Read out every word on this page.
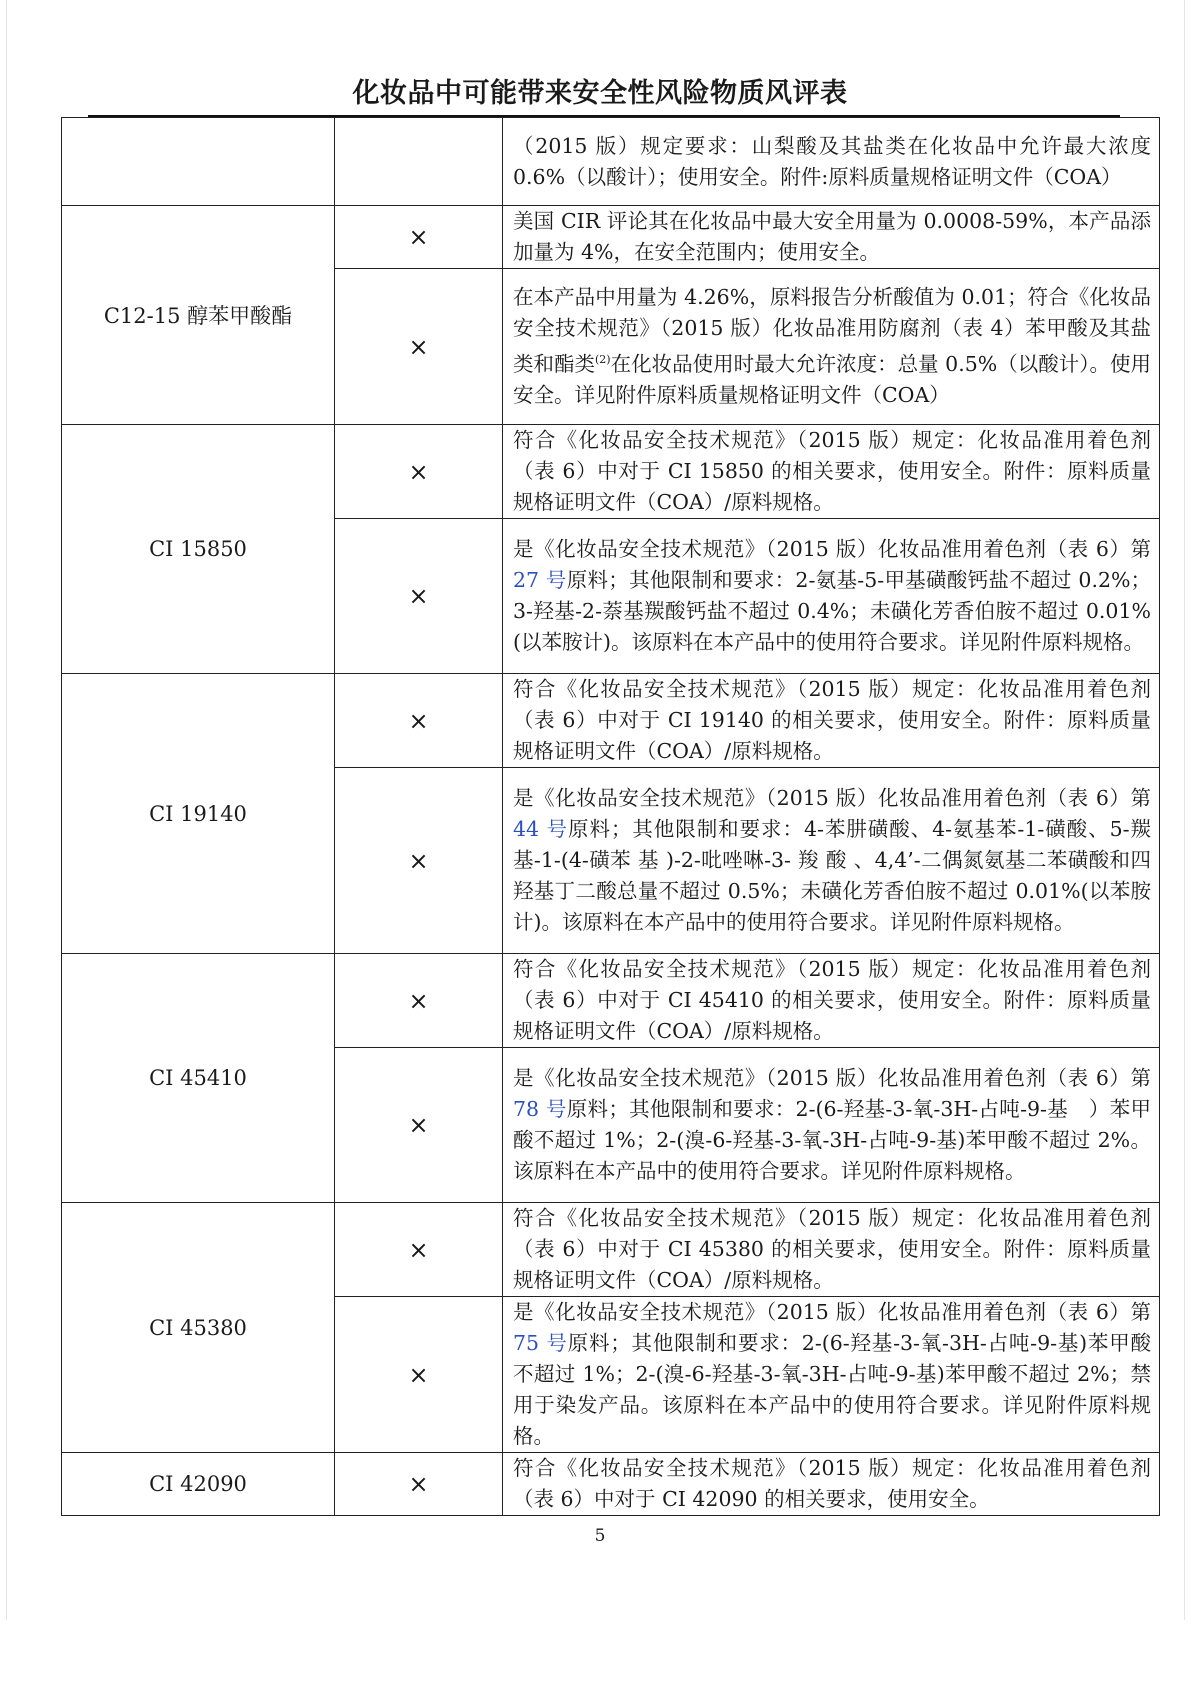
化妆品中可能带来安全性风险物质风评表
		（2015 版）规定要求：山梨酸及其盐类在化妆品中允许最大浓度 0.6%（以酸计）；使用安全。附件:原料质量规格证明文件（COA）
C12-15 醇苯甲酸酯	×	美国 CIR 评论其在化妆品中最大安全用量为 0.0008-59%，本产品添加量为 4%，在安全范围内；使用安全。
	×	在本产品中用量为 4.26%，原料报告分析酸值为 0.01；符合《化妆品安全技术规范》（2015 版）化妆品准用防腐剂（表 4）苯甲酸及其盐类和酯类$^{(2)}$在化妆品使用时最大允许浓度：总量 0.5%（以酸计）。使用安全。详见附件原料质量规格证明文件（COA）
CI 15850	×	符合《化妆品安全技术规范》（2015 版）规定：化妆品准用着色剂（表 6）中对于 CI 15850 的相关要求，使用安全。附件：原料质量规格证明文件（COA）/原料规格。
	×	是《化妆品安全技术规范》（2015 版）化妆品准用着色剂（表 6）第 27 号原料；其他限制和要求：2-氨基-5-甲基磺酸钙盐不超过 0.2%；3-羟基-2-萘基羰酸钙盐不超过 0.4%；未磺化芳香伯胺不超过 0.01%(以苯胺计)。该原料在本产品中的使用符合要求。详见附件原料规格。
CI 19140	×	符合《化妆品安全技术规范》（2015 版）规定：化妆品准用着色剂（表 6）中对于 CI 19140 的相关要求，使用安全。附件：原料质量规格证明文件（COA）/原料规格。
	×	是《化妆品安全技术规范》（2015 版）化妆品准用着色剂（表 6）第 44 号原料；其他限制和要求：4-苯肼磺酸、4-氨基苯-1-磺酸、5-羰基-1-(4-磺苯 基 )-2-吡唑啉-3- 羧 酸 、4,4’-二偶氮氨基二苯磺酸和四羟基丁二酸总量不超过 0.5%；未磺化芳香伯胺不超过 0.01%(以苯胺计)。该原料在本产品中的使用符合要求。详见附件原料规格。
CI 45410	×	符合《化妆品安全技术规范》（2015 版）规定：化妆品准用着色剂（表 6）中对于 CI 45410 的相关要求，使用安全。附件：原料质量规格证明文件（COA）/原料规格。
	×	是《化妆品安全技术规范》（2015 版）化妆品准用着色剂（表 6）第 78 号原料；其他限制和要求：2-(6-羟基-3-氧-3H-占吨-9-基　）苯甲酸不超过 1%；2-(溴-6-羟基-3-氧-3H-占吨-9-基)苯甲酸不超过 2%。该原料在本产品中的使用符合要求。详见附件原料规格。
CI 45380	×	符合《化妆品安全技术规范》（2015 版）规定：化妆品准用着色剂（表 6）中对于 CI 45380 的相关要求，使用安全。附件：原料质量规格证明文件（COA）/原料规格。
	×	是《化妆品安全技术规范》（2015 版）化妆品准用着色剂（表 6）第 75 号原料；其他限制和要求：2-(6-羟基-3-氧-3H-占吨-9-基)苯甲酸不超过 1%；2-(溴-6-羟基-3-氧-3H-占吨-9-基)苯甲酸不超过 2%；禁用于染发产品。该原料在本产品中的使用符合要求。详见附件原料规格。
CI 42090	×	符合《化妆品安全技术规范》（2015 版）规定：化妆品准用着色剂（表 6）中对于 CI 42090 的相关要求，使用安全。
5
